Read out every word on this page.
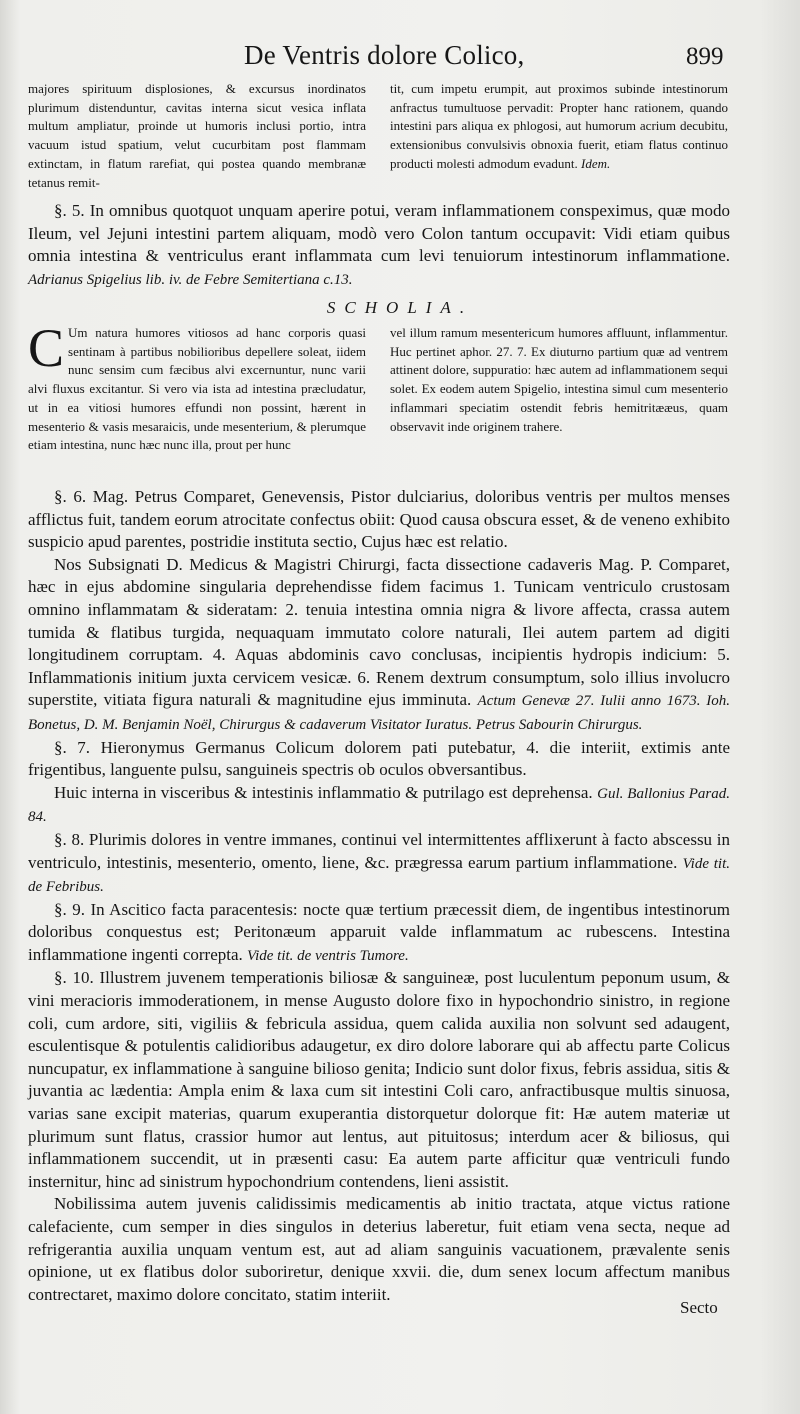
De Ventris dolore Colico,	899

majores spirituum displosiones, & excursus inordinatos plurimum distenduntur, cavitas interna sicut vesica inflata multum ampliatur, proinde ut humoris inclusi portio, intra vacuum istud spatium, velut cucurbitam post flammam extinctam, in flatum rarefiat, qui postea quando membranæ tetanus remit-

tit, cum impetu erumpit, aut proximos subinde intestinorum anfractus tumultuose pervadit: Propter hanc rationem, quando intestini pars aliqua ex phlogosi, aut humorum acrium decubitu, extensionibus convulsivis obnoxia fuerit, etiam flatus continuo producti molesti admodum evadunt. Idem.

§. 5. In omnibus quotquot unquam aperire potui, veram inflammationem conspeximus, quæ modo Ileum, vel Jejuni intestini partem aliquam, modò vero Colon tantum occupavit: Vidi etiam quibus omnia intestina & ventriculus erant inflammata cum levi tenuiorum intestinorum inflammatione. Adrianus Spigelius lib. iv. de Febre Semitertiana c.13.

SCHOLIA.

C Um natura humores vitiosos ad hanc corporis quasi sentinam à partibus nobilioribus depellere soleat, iidem nunc sensim cum fæcibus alvi excernuntur, nunc varii alvi fluxus excitantur. Si vero via ista ad intestina præcludatur, ut in ea vitiosi humores effundi non possint, hærent in mesenterio & vasis mesaraicis, unde mesenterium, & plerumque etiam intestina, nunc hæc nunc illa, prout per hunc

vel illum ramum mesentericum humores affluunt, inflammentur. Huc pertinet aphor. 27. 7. Ex diuturno partium quæ ad ventrem attinent dolore, suppuratio: hæc autem ad inflammationem sequi solet. Ex eodem autem Spigelio, intestina simul cum mesenterio inflammari speciatim ostendit febris hemitritææus, quam observavit inde originem trahere.

§. 6. Mag. Petrus Comparet, Genevensis, Pistor dulciarius, doloribus ventris per multos menses afflictus fuit, tandem eorum atrocitate confectus obiit: Quod causa obscura esset, & de veneno exhibito suspicio apud parentes, postridie instituta sectio, Cujus hæc est relatio.

Nos Subsignati D. Medicus & Magistri Chirurgi, facta dissectione cadaveris Mag. P. Comparet, hæc in ejus abdomine singularia deprehendisse fidem facimus 1. Tunicam ventriculo crustosam omnino inflammatam & sideratam: 2. tenuia intestina omnia nigra & livore affecta, crassa autem tumida & flatibus turgida, nequaquam immutato colore naturali, Ilei autem partem ad digiti longitudinem corruptam. 4. Aquas abdominis cavo conclusas, incipientis hydropis indicium: 5. Inflammationis initium juxta cervicem vesicæ. 6. Renem dextrum consumptum, solo illius involucro superstite, vitiata figura naturali & magnitudine ejus imminuta. Actum Genevæ 27. Iulii anno 1673. Ioh. Bonetus, D. M. Benjamin Noël, Chirurgus & cadaverum Visitator Iuratus. Petrus Sabourin Chirurgus.

§. 7. Hieronymus Germanus Colicum dolorem pati putebatur, 4. die interiit, extimis ante frigentibus, languente pulsu, sanguineis spectris ob oculos obversantibus.

Huic interna in visceribus & intestinis inflammatio & putrilago est deprehensa. Gul. Ballonius Parad. 84.

§. 8. Plurimis dolores in ventre immanes, continui vel intermittentes afflixerunt à facto abscessu in ventriculo, intestinis, mesenterio, omento, liene, &c. prægressa earum partium inflammatione. Vide tit. de Febribus.

§. 9. In Ascitico facta paracentesis: nocte quæ tertium præcessit diem, de ingentibus intestinorum doloribus conquestus est; Peritonæum apparuit valde inflammatum ac rubescens. Intestina inflammatione ingenti correpta. Vide tit. de ventris Tumore.

§. 10. Illustrem juvenem temperationis biliosæ & sanguineæ, post luculentum peponum usum, & vini meracioris immoderationem, in mense Augusto dolore fixo in hypochondrio sinistro, in regione coli, cum ardore, siti, vigiliis & febricula assidua, quem calida auxilia non solvunt sed adaugent, esculentisque & potulentis calidioribus adaugetur, ex diro dolore laborare qui ab affectu parte Colicus nuncupatur, ex inflammatione à sanguine bilioso genita; Indicio sunt dolor fixus, febris assidua, sitis & juvantia ac lædentia: Ampla enim & laxa cum sit intestini Coli caro, anfractibusque multis sinuosa, varias sane excipit materias, quarum exuperantia distorquetur dolorque fit: Hæ autem materiæ ut plurimum sunt flatus, crassior humor aut lentus, aut pituitosus; interdum acer & biliosus, qui inflammationem succendit, ut in præsenti casu: Ea autem parte afficitur quæ ventriculi fundo insternitur, hinc ad sinistrum hypochondrium contendens, lieni assistit.

Nobilissima autem juvenis calidissimis medicamentis ab initio tractata, atque victus ratione calefaciente, cum semper in dies singulos in deterius laberetur, fuit etiam vena secta, neque ad refrigerantia auxilia unquam ventum est, aut ad aliam sanguinis vacuationem, prævalente senis opinione, ut ex flatibus dolor suboriretur, denique xxvii. die, dum senex locum affectum manibus contrectaret, maximo dolore concitato, statim interiit.

Secto
